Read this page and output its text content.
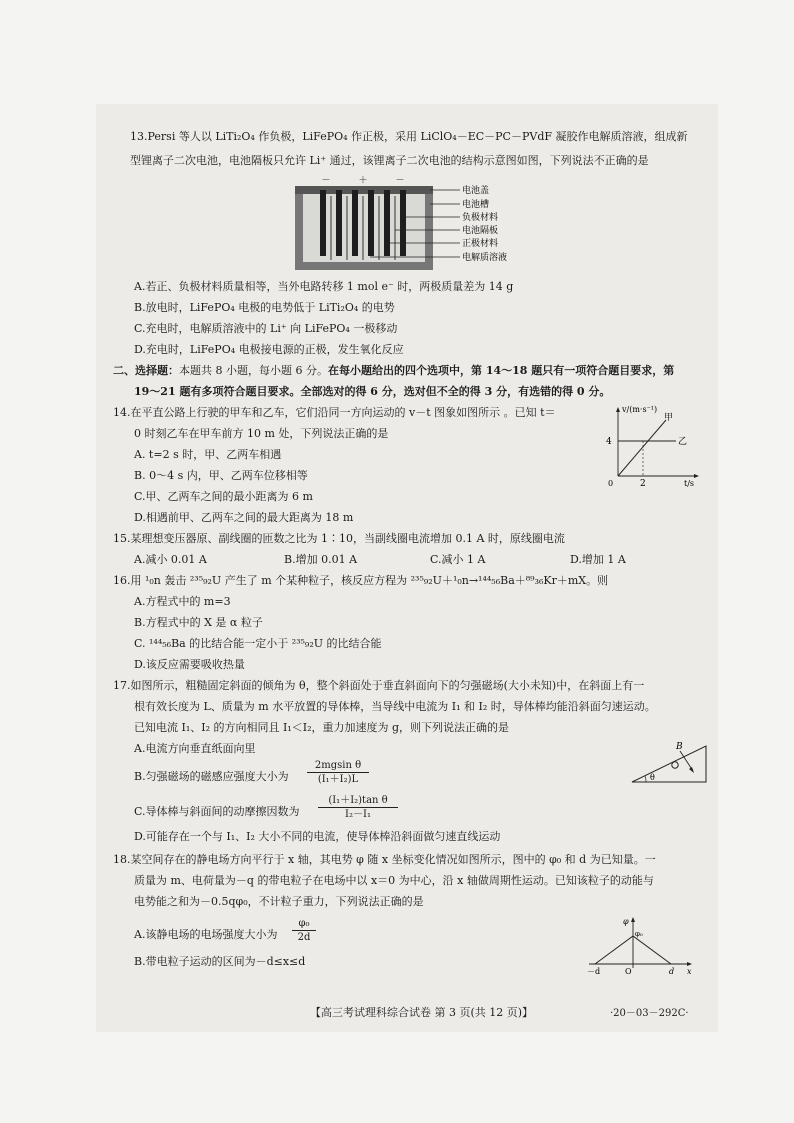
13.Persi 等人以 LiTi₂O₄ 作负极，LiFePO₄ 作正极，采用 LiClO₄－EC－PC－PVdF 凝胶作电解质溶液，组成新
型锂离子二次电池，电池隔板只允许 Li⁺ 通过，该锂离子二次电池的结构示意图如图，下列说法不正确的是
－	＋	－
电池盖
电池槽
负极材料
电池隔板
正极材料
电解质溶液
A.若正、负极材料质量相等，当外电路转移 1 mol e⁻ 时，两极质量差为 14 g
B.放电时，LiFePO₄ 电极的电势低于 LiTi₂O₄ 的电势
C.充电时，电解质溶液中的 Li⁺ 向 LiFePO₄ 一极移动
D.充电时，LiFePO₄ 电极接电源的正极，发生氧化反应
二、选择题：本题共 8 小题，每小题 6 分。在每小题给出的四个选项中，第 14～18 题只有一项符合题目要求，第
19～21 题有多项符合题目要求。全部选对的得 6 分，选对但不全的得 3 分，有选错的得 0 分。
14.在平直公路上行驶的甲车和乙车，它们沿同一方向运动的 v－t 图象如图所示 。已知 t＝
0 时刻乙车在甲车前方 10 m 处，下列说法正确的是
A. t=2 s 时，甲、乙两车相遇
B. 0～4 s 内，甲、乙两车位移相等
C.甲、乙两车之间的最小距离为 6 m
D.相遇前甲、乙两车之间的最大距离为 18 m
v/(m·s⁻¹)
t/s
0
4
2
甲
乙
15.某理想变压器原、副线圈的匝数之比为 1∶10，当副线圈电流增加 0.1 A 时，原线圈电流
A.减小 0.01 A	B.增加 0.01 A	C.减小 1 A	D.增加 1 A
16.用 ¹₀n 轰击 ²³⁵₉₂U 产生了 m 个某种粒子，核反应方程为 ²³⁵₉₂U＋¹₀n→¹⁴⁴₅₆Ba＋⁸⁹₃₆Kr＋mX。则
A.方程式中的 m=3
B.方程式中的 X 是 α 粒子
C. ¹⁴⁴₅₆Ba 的比结合能一定小于 ²³⁵₉₂U 的比结合能
D.该反应需要吸收热量
17.如图所示，粗糙固定斜面的倾角为 θ，整个斜面处于垂直斜面向下的匀强磁场(大小未知)中，在斜面上有一
根有效长度为 L、质量为 m 水平放置的导体棒，当导线中电流为 I₁ 和 I₂ 时，导体棒均能沿斜面匀速运动。
已知电流 I₁、I₂ 的方向相同且 I₁＜I₂，重力加速度为 g，则下列说法正确的是
A.电流方向垂直纸面向里
B.匀强磁场的磁感应强度大小为
2mgsin θ
(I₁＋I₂)L
C.导体棒与斜面间的动摩擦因数为
(I₁＋I₂)tan θ
I₂－I₁
D.可能存在一个与 I₁、I₂ 大小不同的电流，使导体棒沿斜面做匀速直线运动
θ
B
18.某空间存在的静电场方向平行于 x 轴，其电势 φ 随 x 坐标变化情况如图所示，图中的 φ₀ 和 d 为已知量。一
质量为 m、电荷量为－q 的带电粒子在电场中以 x＝0 为中心，沿 x 轴做周期性运动。已知该粒子的动能与
电势能之和为－0.5qφ₀，不计粒子重力，下列说法正确的是
A.该静电场的电场强度大小为
φ₀
2d
B.带电粒子运动的区间为－d≤x≤d
φ
φ₀
－d	O	d x
【高三考试理科综合试卷 第 3 页(共 12 页)】	·20－03－292C·
